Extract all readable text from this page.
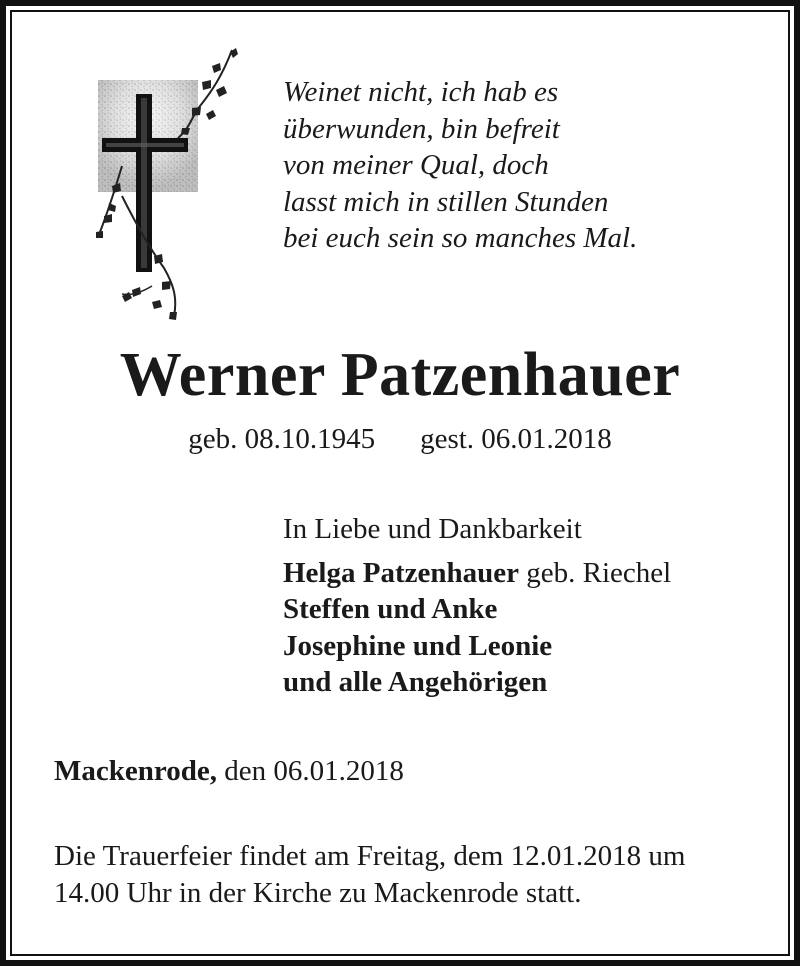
Weinet nicht, ich hab es
überwunden, bin befreit
von meiner Qual, doch
lasst mich in stillen Stunden
bei euch sein so manches Mal.
Werner Patzenhauer
geb. 08.10.1945 gest. 06.01.2018
In Liebe und Dankbarkeit
Helga Patzenhauer geb. Riechel
Steffen und Anke
Josephine und Leonie
und alle Angehörigen
Mackenrode, den 06.01.2018
Die Trauerfeier findet am Freitag, dem 12.01.2018 um
14.00 Uhr in der Kirche zu Mackenrode statt.
